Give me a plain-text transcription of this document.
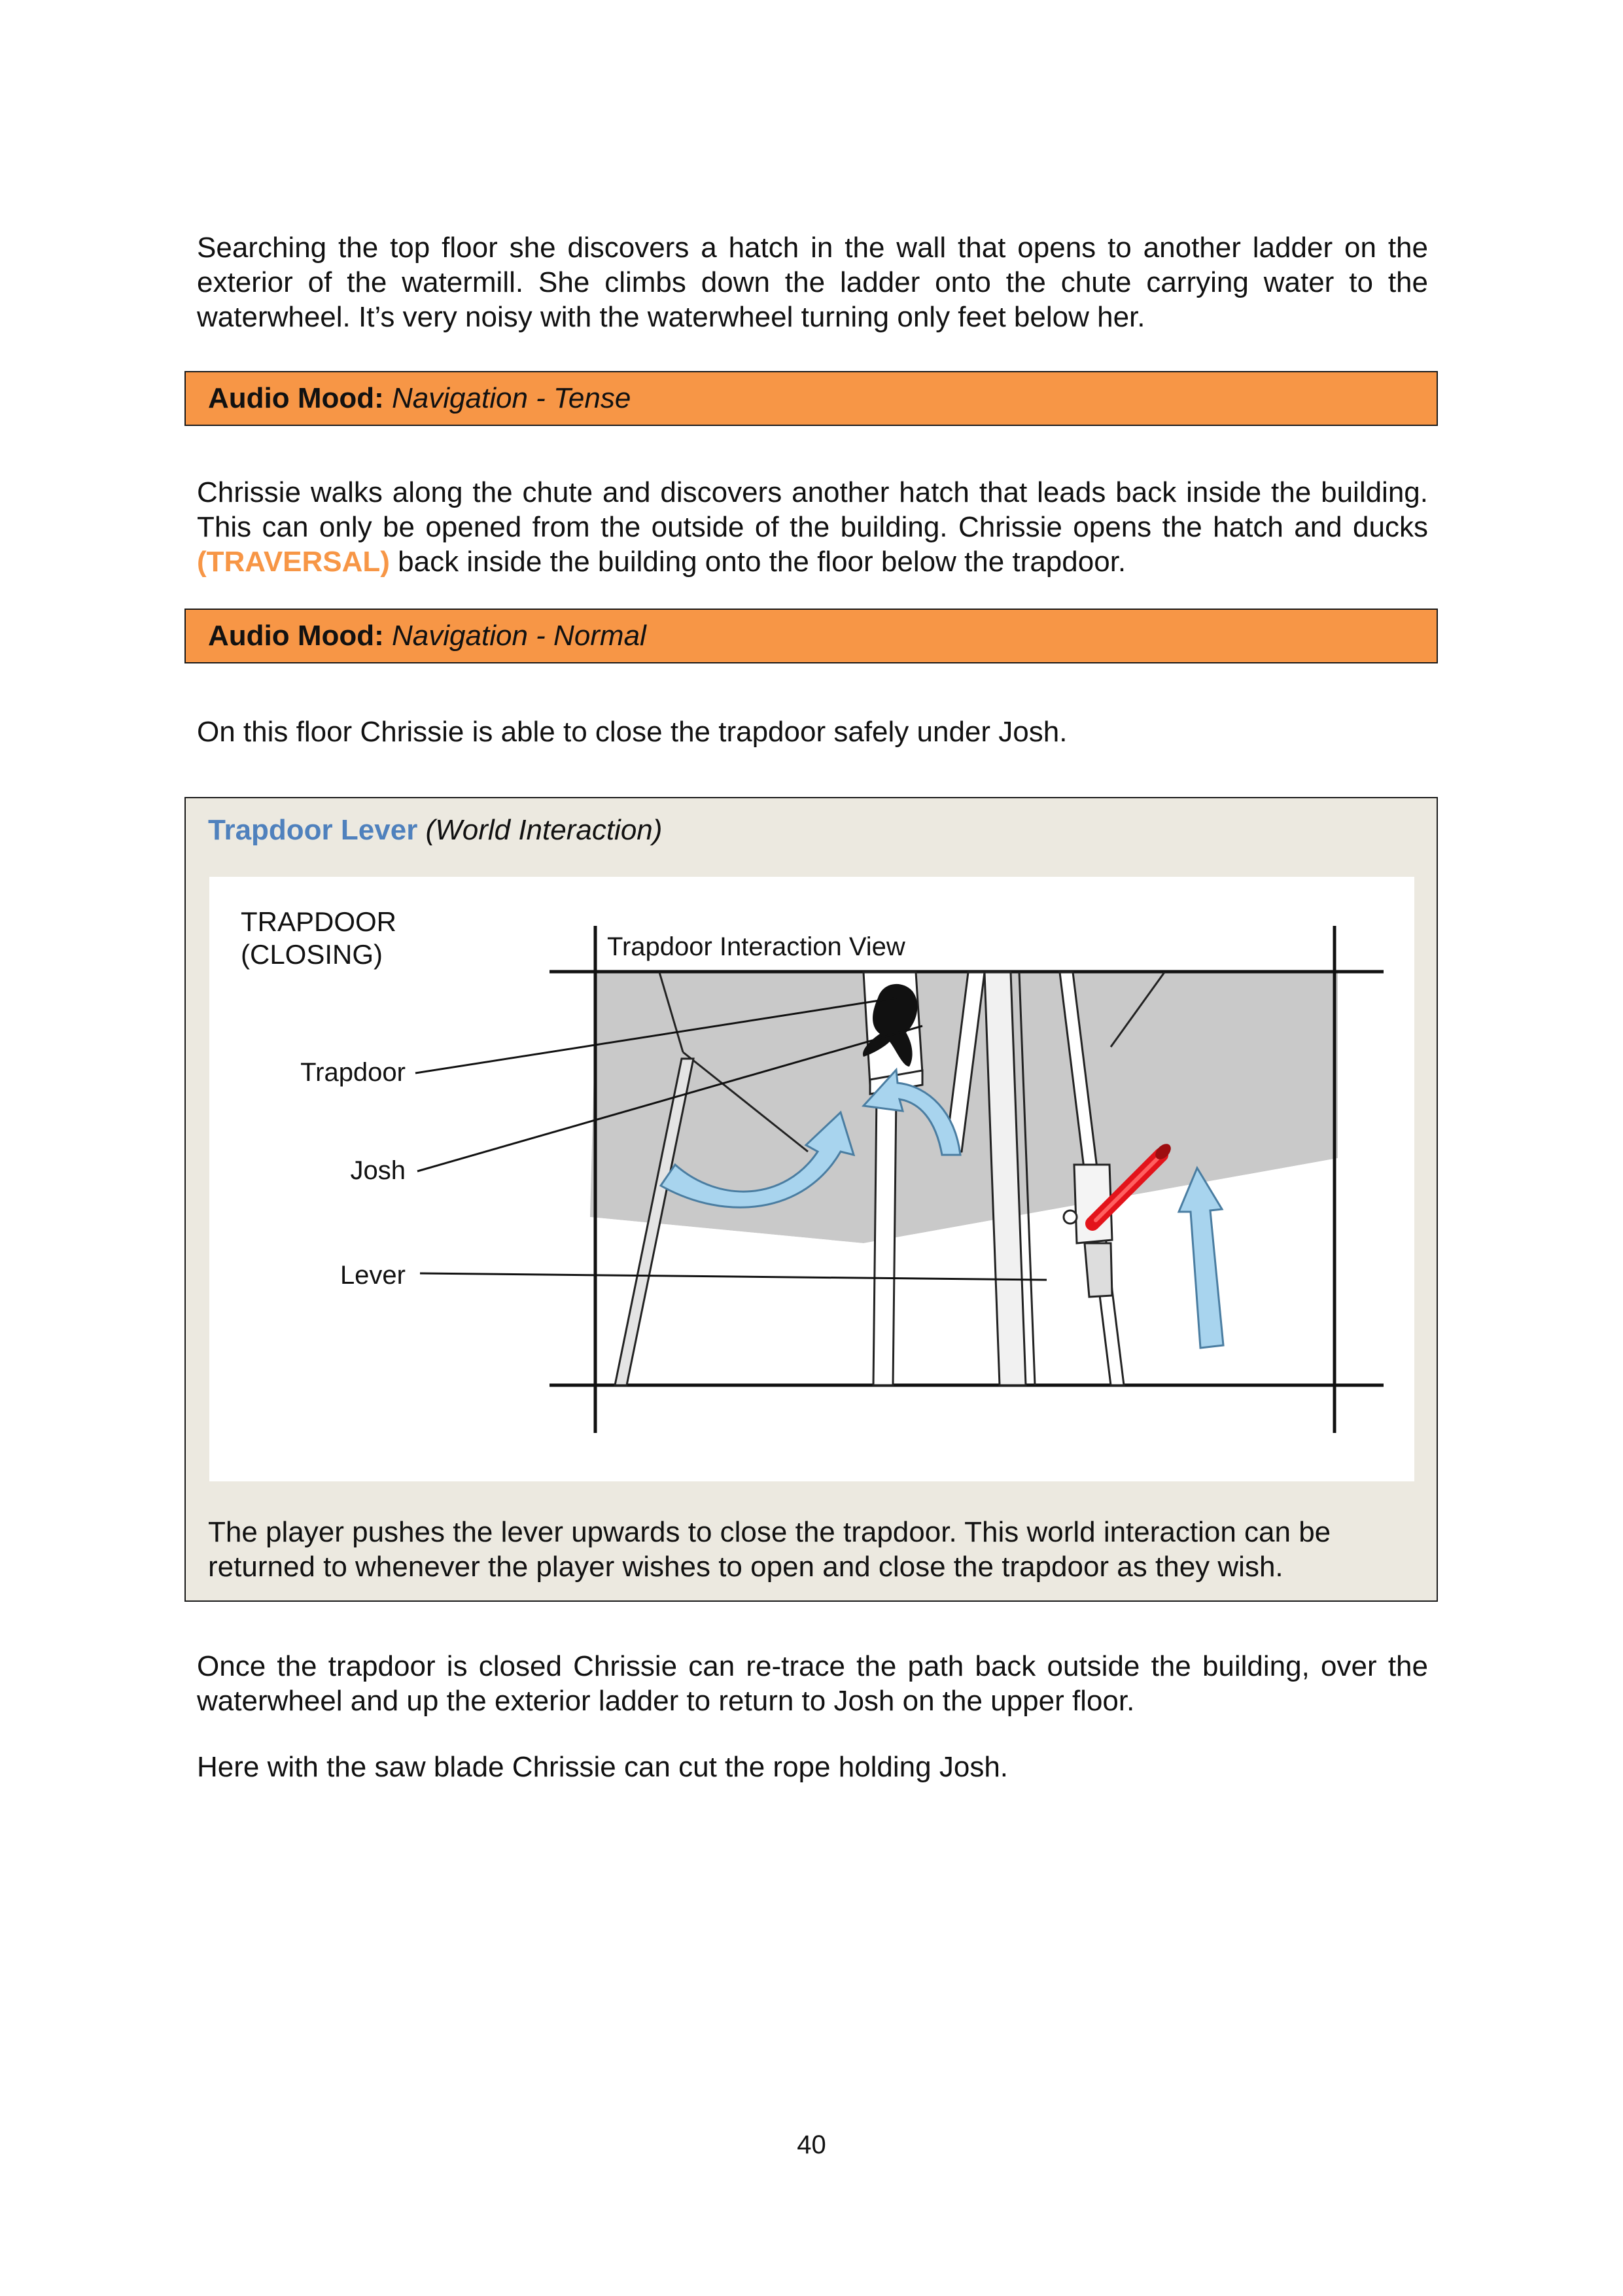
Searching the top floor she discovers a hatch in the wall that opens to another ladder on the exterior of the watermill. She climbs down the ladder onto the chute carrying water to the waterwheel. It’s very noisy with the waterwheel turning only feet below her.

Audio Mood: Navigation - Tense

Chrissie walks along the chute and discovers another hatch that leads back inside the building. This can only be opened from the outside of the building. Chrissie opens the hatch and ducks (TRAVERSAL) back inside the building onto the floor below the trapdoor.

Audio Mood: Navigation - Normal

On this floor Chrissie is able to close the trapdoor safely under Josh.

Trapdoor Lever (World Interaction)
TRAPDOOR
(CLOSING)	Trapdoor Interaction View
Trapdoor
Josh
Lever

The player pushes the lever upwards to close the trapdoor. This world interaction can be returned to whenever the player wishes to open and close the trapdoor as they wish.

Once the trapdoor is closed Chrissie can re-trace the path back outside the building, over the waterwheel and up the exterior ladder to return to Josh on the upper floor.

Here with the saw blade Chrissie can cut the rope holding Josh.

40
